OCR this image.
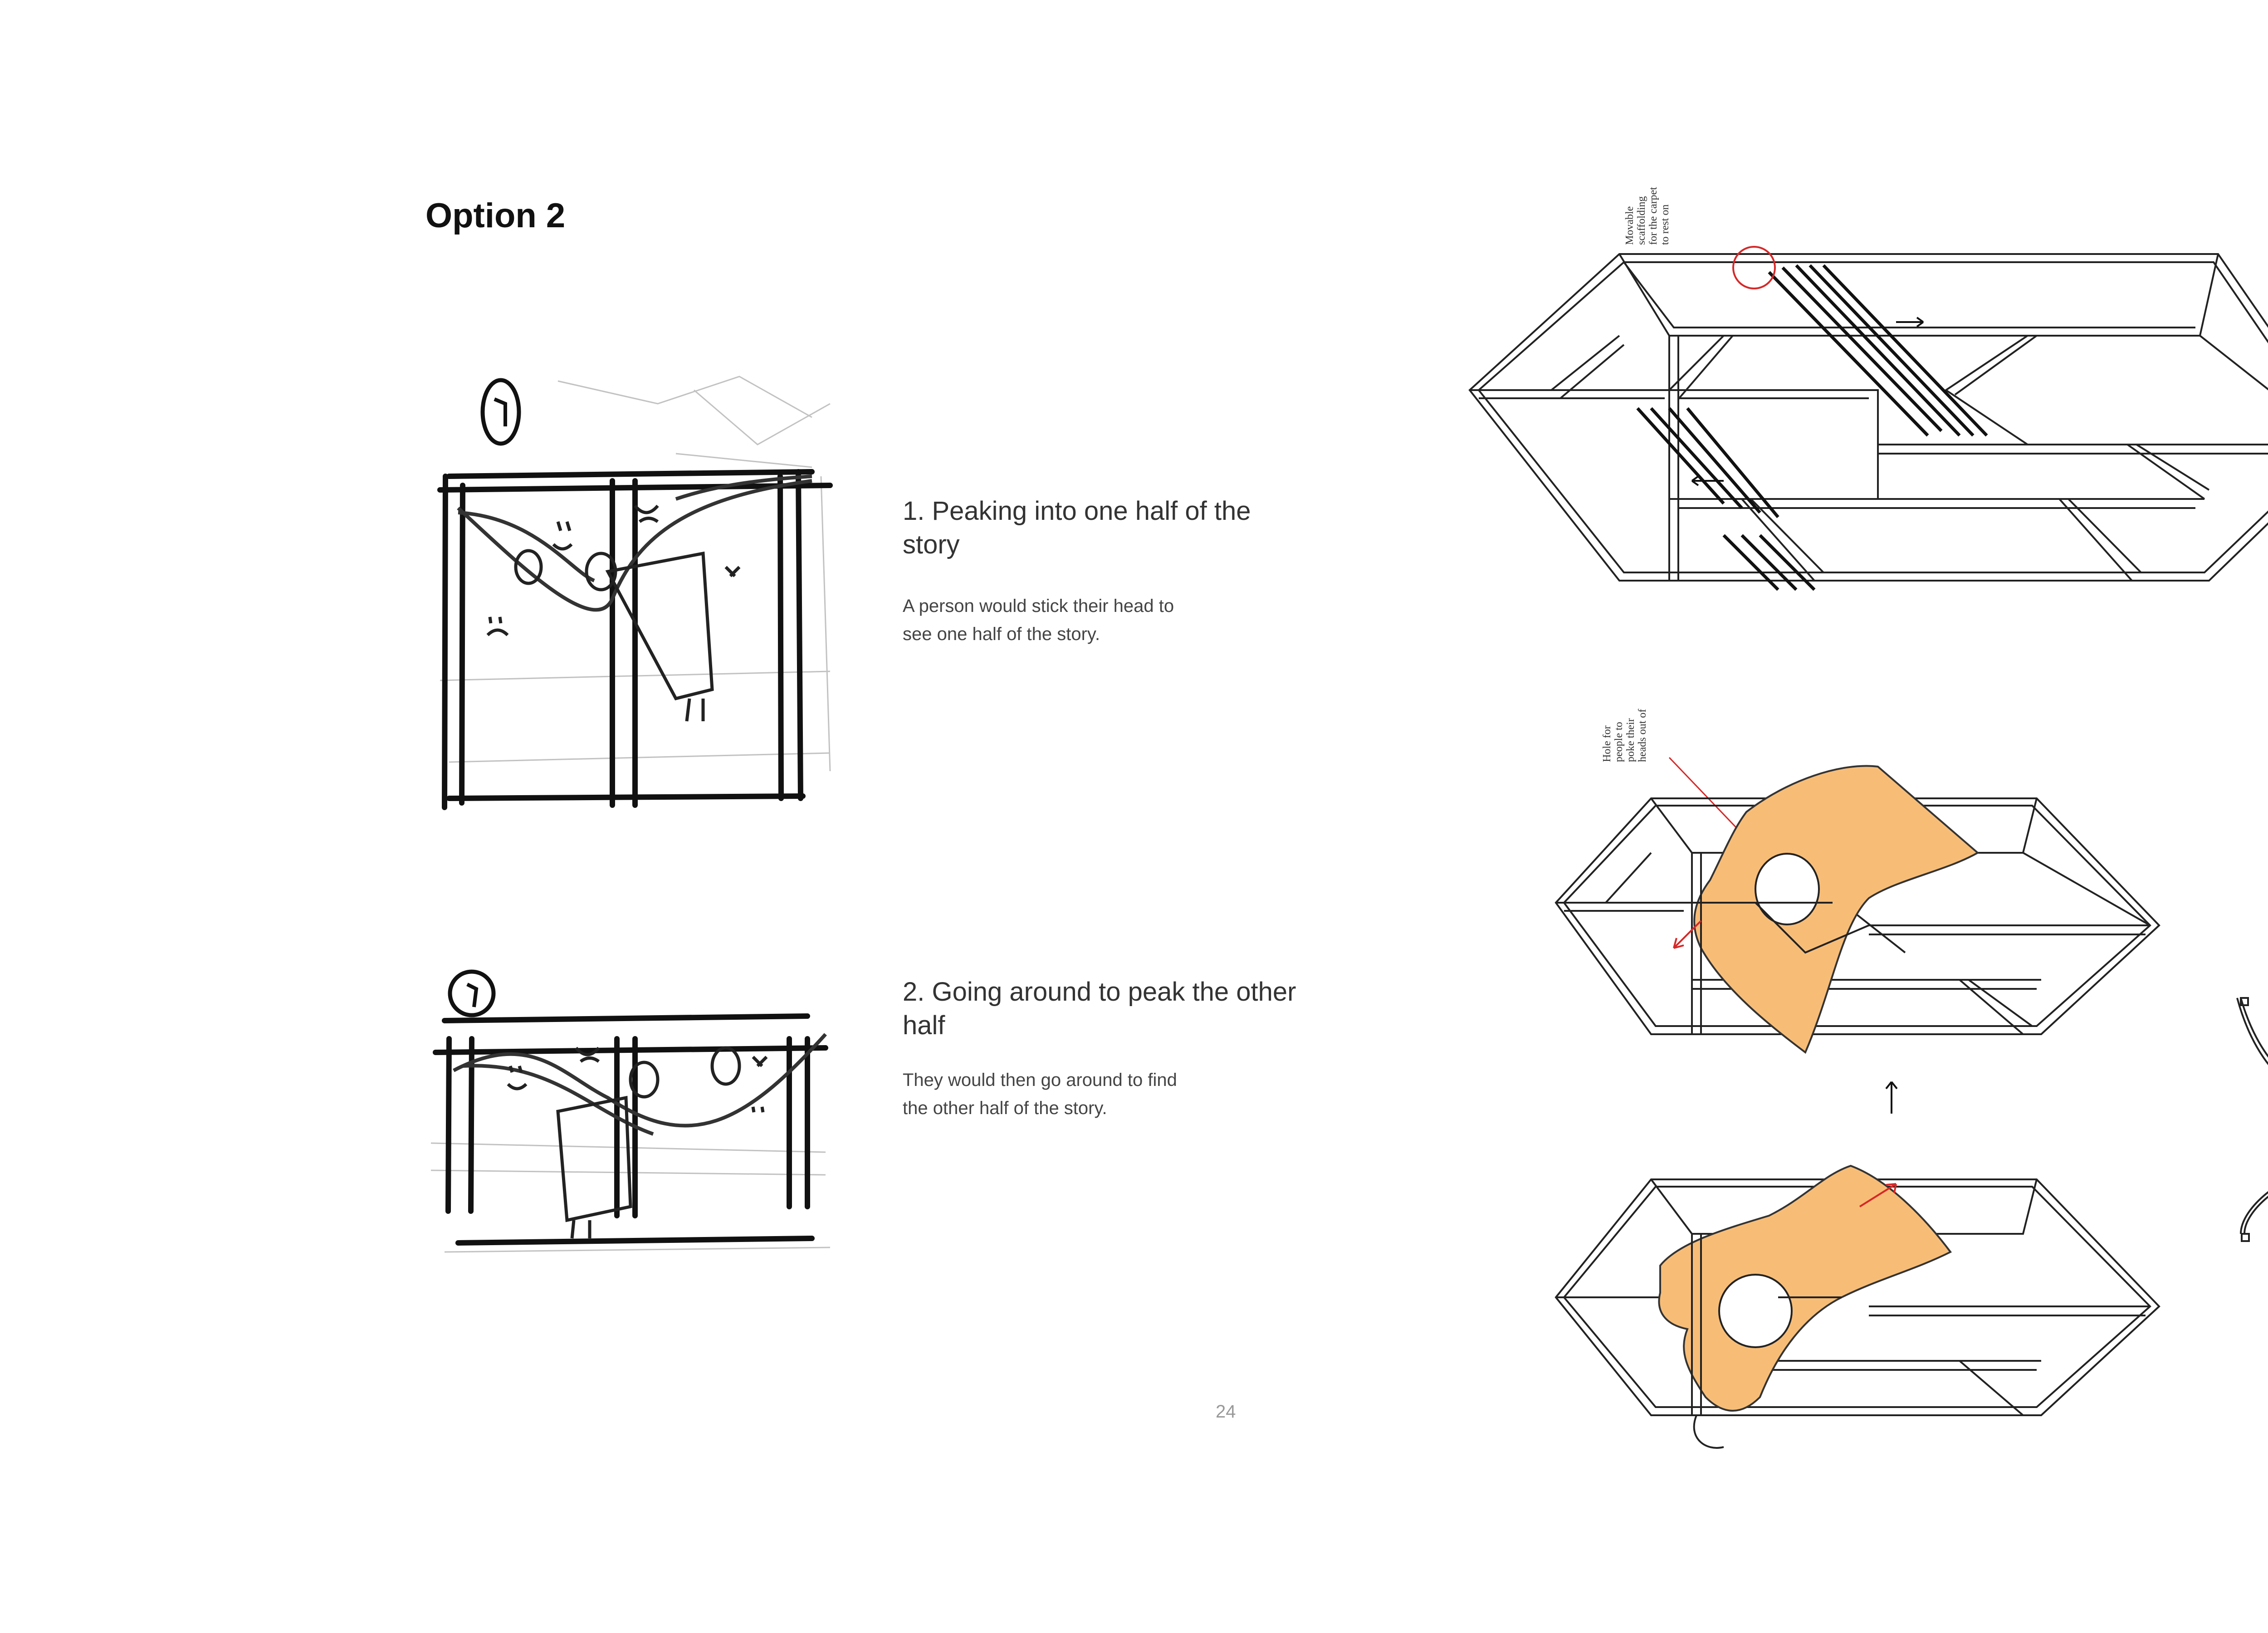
Option 2
1. Peaking into one half of the story
A person would stick their head to
see one half of the story.
2. Going around to peak the other half
They would then go around to find
the other half of the story.
24
Movable
scaffolding
for the carpet
to rest on
Hole for
people to
poke their
heads out of
